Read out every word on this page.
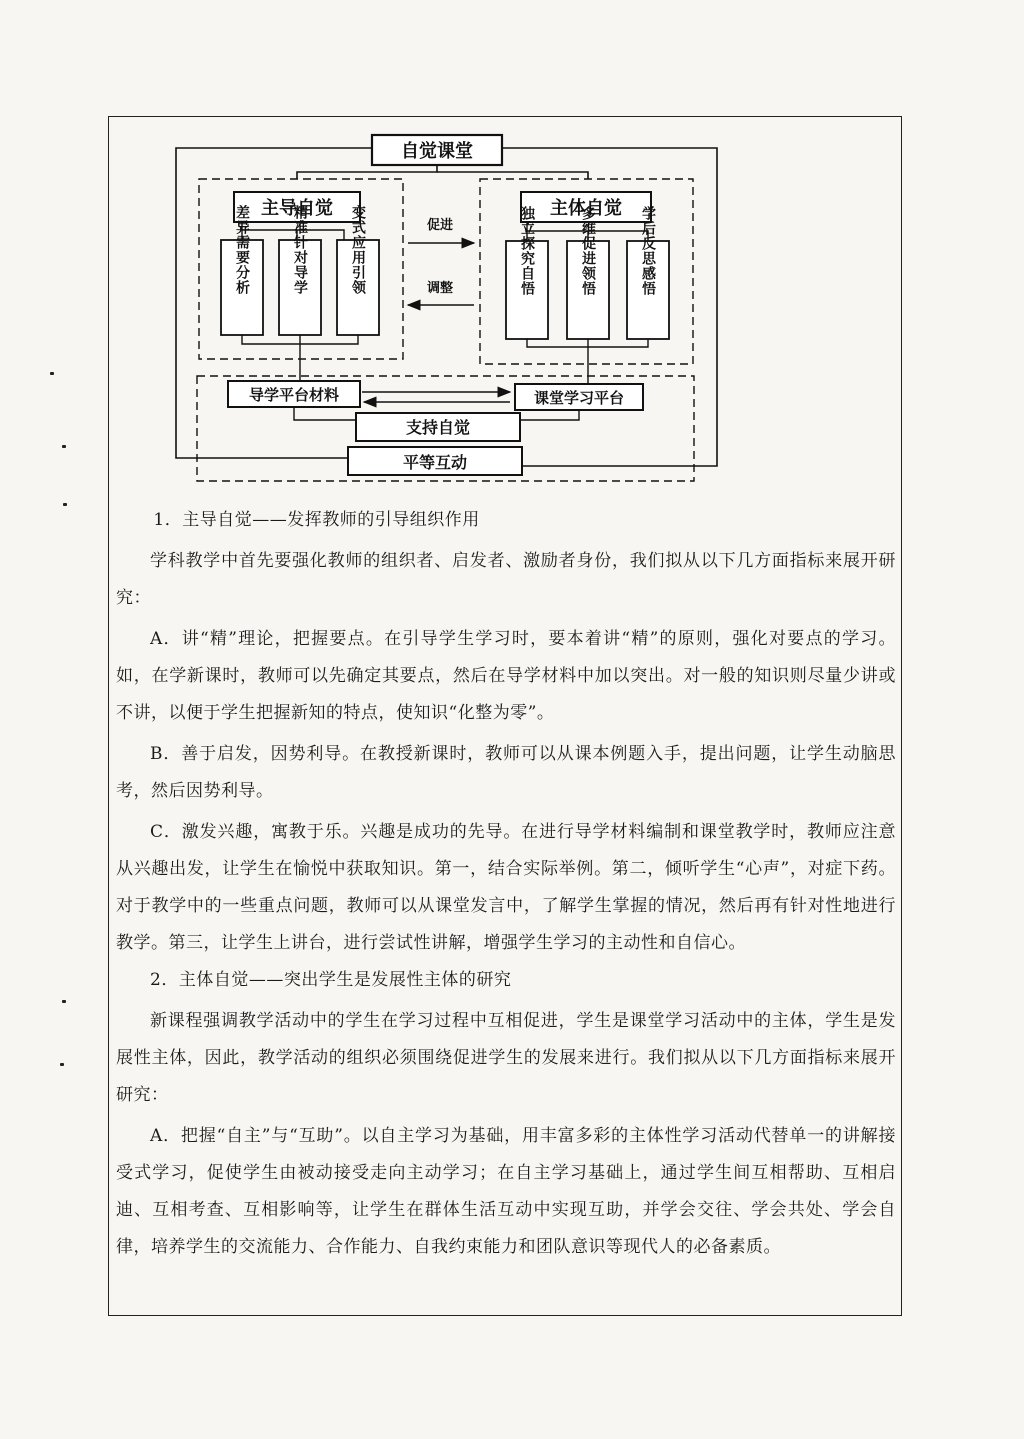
自觉课堂
主导自觉
差异需要分析	精准针对导学	变式应用引领	主体自觉
独立探究自悟	多维促进领悟	学后反思感悟
促进
调整
导学平台材料	课堂学习平台
支持自觉
平等互动

1．主导自觉——发挥教师的引导组织作用

学科教学中首先要强化教师的组织者、启发者、激励者身份，我们拟从以下几方面指标来展开研究：

A．讲“精”理论，把握要点。在引导学生学习时，要本着讲“精”的原则，强化对要点的学习。如，在学新课时，教师可以先确定其要点，然后在导学材料中加以突出。对一般的知识则尽量少讲或不讲，以便于学生把握新知的特点，使知识“化整为零”。

B．善于启发，因势利导。在教授新课时，教师可以从课本例题入手，提出问题，让学生动脑思考，然后因势利导。

C．激发兴趣，寓教于乐。兴趣是成功的先导。在进行导学材料编制和课堂教学时，教师应注意从兴趣出发，让学生在愉悦中获取知识。第一，结合实际举例。第二，倾听学生“心声”，对症下药。对于教学中的一些重点问题，教师可以从课堂发言中，了解学生掌握的情况，然后再有针对性地进行教学。第三，让学生上讲台，进行尝试性讲解，增强学生学习的主动性和自信心。

2．主体自觉——突出学生是发展性主体的研究

新课程强调教学活动中的学生在学习过程中互相促进，学生是课堂学习活动中的主体，学生是发展性主体，因此，教学活动的组织必须围绕促进学生的发展来进行。我们拟从以下几方面指标来展开研究：

A．把握“自主”与“互助”。以自主学习为基础，用丰富多彩的主体性学习活动代替单一的讲解接受式学习，促使学生由被动接受走向主动学习；在自主学习基础上，通过学生间互相帮助、互相启迪、互相考查、互相影响等，让学生在群体生活互动中实现互助，并学会交往、学会共处、学会自律，培养学生的交流能力、合作能力、自我约束能力和团队意识等现代人的必备素质。
